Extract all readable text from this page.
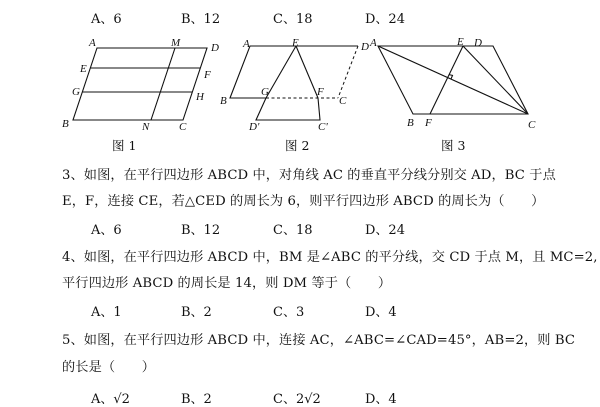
A、6	B、12	C、18	D、24
A	M	D
E	F
G	H
B	N	C
图 1
A	E	D
B
G	F
C
D'	C'
图 2
A	E D
B F	C
图 3
3、如图，在平行四边形 ABCD 中，对角线 AC 的垂直平分线分别交 AD，BC 于点
E，F，连接 CE，若△CED 的周长为 6，则平行四边形 ABCD 的周长为（　　）
A、6	B、12	C、18	D、24
4、如图，在平行四边形 ABCD 中，BM 是∠ABC 的平分线，交 CD 于点 M，且 MC=2,
平行四边形 ABCD 的周长是 14，则 DM 等于（　　）
A、1	B、2	C、3	D、4
5、如图，在平行四边形 ABCD 中，连接 AC，∠ABC=∠CAD=45°，AB=2，则 BC
的长是（　　）
A、√2	B、2	C、2√2	D、4
